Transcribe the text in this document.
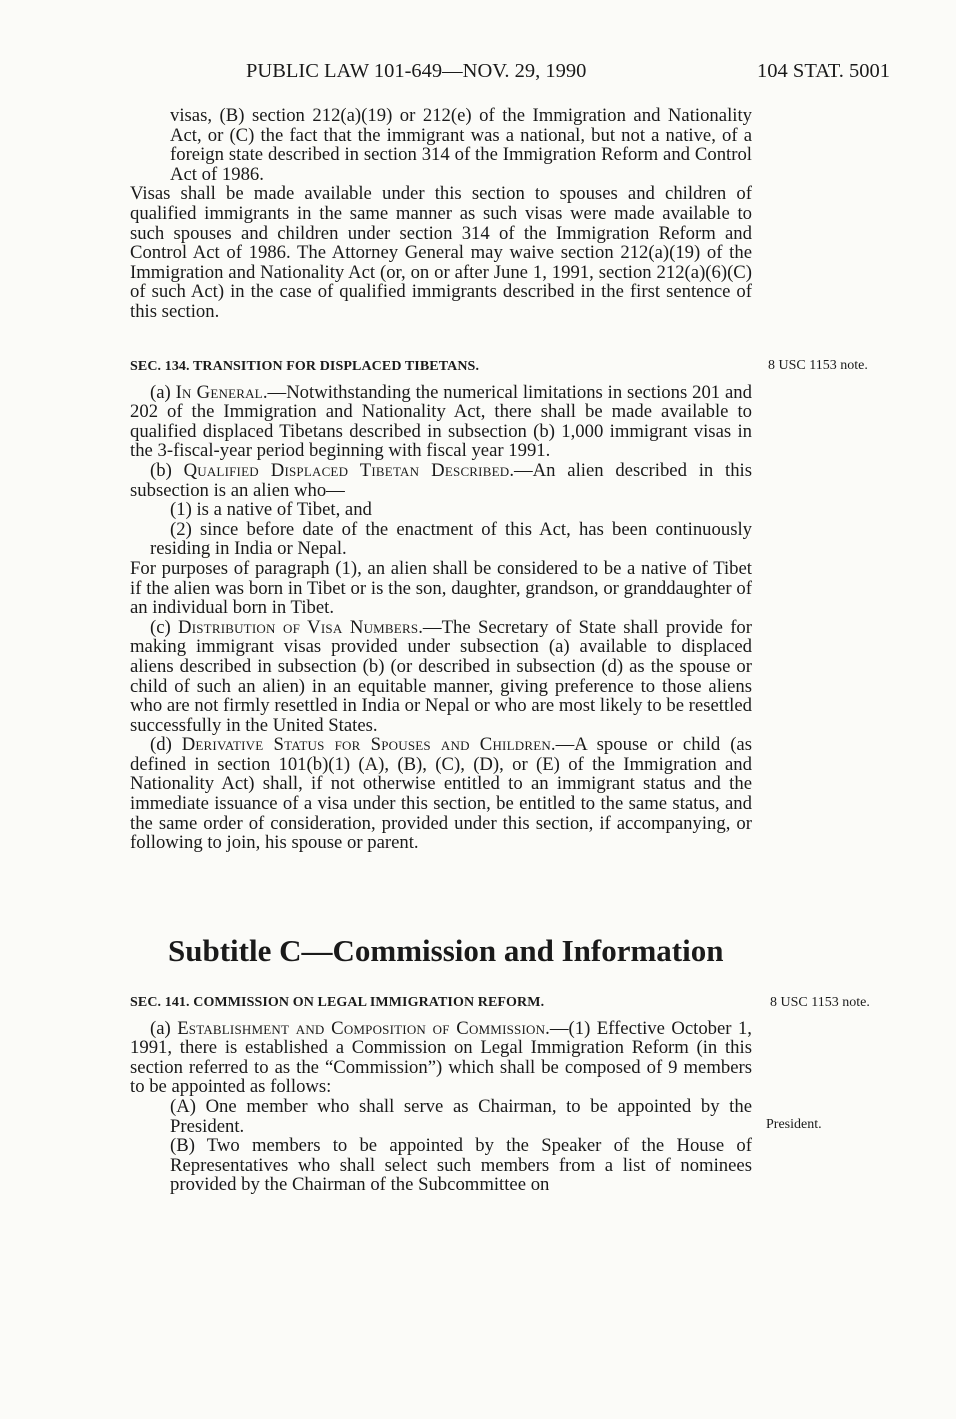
PUBLIC LAW 101-649—NOV. 29, 1990	104 STAT. 5001

visas, (B) section 212(a)(19) or 212(e) of the Immigration and Nationality Act, or (C) the fact that the immigrant was a national, but not a native, of a foreign state described in section 314 of the Immigration Reform and Control Act of 1986.

Visas shall be made available under this section to spouses and children of qualified immigrants in the same manner as such visas were made available to such spouses and children under section 314 of the Immigration Reform and Control Act of 1986. The Attorney General may waive section 212(a)(19) of the Immigration and Nationality Act (or, on or after June 1, 1991, section 212(a)(6)(C) of such Act) in the case of qualified immigrants described in the first sentence of this section.

8 USC 1153 note.

SEC. 134. TRANSITION FOR DISPLACED TIBETANS.

(a) In General.—Notwithstanding the numerical limitations in sections 201 and 202 of the Immigration and Nationality Act, there shall be made available to qualified displaced Tibetans described in subsection (b) 1,000 immigrant visas in the 3-fiscal-year period beginning with fiscal year 1991.

(b) Qualified Displaced Tibetan Described.—An alien described in this subsection is an alien who—

(1) is a native of Tibet, and

(2) since before date of the enactment of this Act, has been continuously residing in India or Nepal.

For purposes of paragraph (1), an alien shall be considered to be a native of Tibet if the alien was born in Tibet or is the son, daughter, grandson, or granddaughter of an individual born in Tibet.

(c) Distribution of Visa Numbers.—The Secretary of State shall provide for making immigrant visas provided under subsection (a) available to displaced aliens described in subsection (b) (or described in subsection (d) as the spouse or child of such an alien) in an equitable manner, giving preference to those aliens who are not firmly resettled in India or Nepal or who are most likely to be resettled successfully in the United States.

(d) Derivative Status for Spouses and Children.—A spouse or child (as defined in section 101(b)(1) (A), (B), (C), (D), or (E) of the Immigration and Nationality Act) shall, if not otherwise entitled to an immigrant status and the immediate issuance of a visa under this section, be entitled to the same status, and the same order of consideration, provided under this section, if accompanying, or following to join, his spouse or parent.

Subtitle C—Commission and Information
8 USC 1153 note.
President.

SEC. 141. COMMISSION ON LEGAL IMMIGRATION REFORM.

(a) Establishment and Composition of Commission.—(1) Effective October 1, 1991, there is established a Commission on Legal Immigration Reform (in this section referred to as the “Commission”) which shall be composed of 9 members to be appointed as follows:

(A) One member who shall serve as Chairman, to be appointed by the President.

(B) Two members to be appointed by the Speaker of the House of Representatives who shall select such members from a list of nominees provided by the Chairman of the Subcommittee on
